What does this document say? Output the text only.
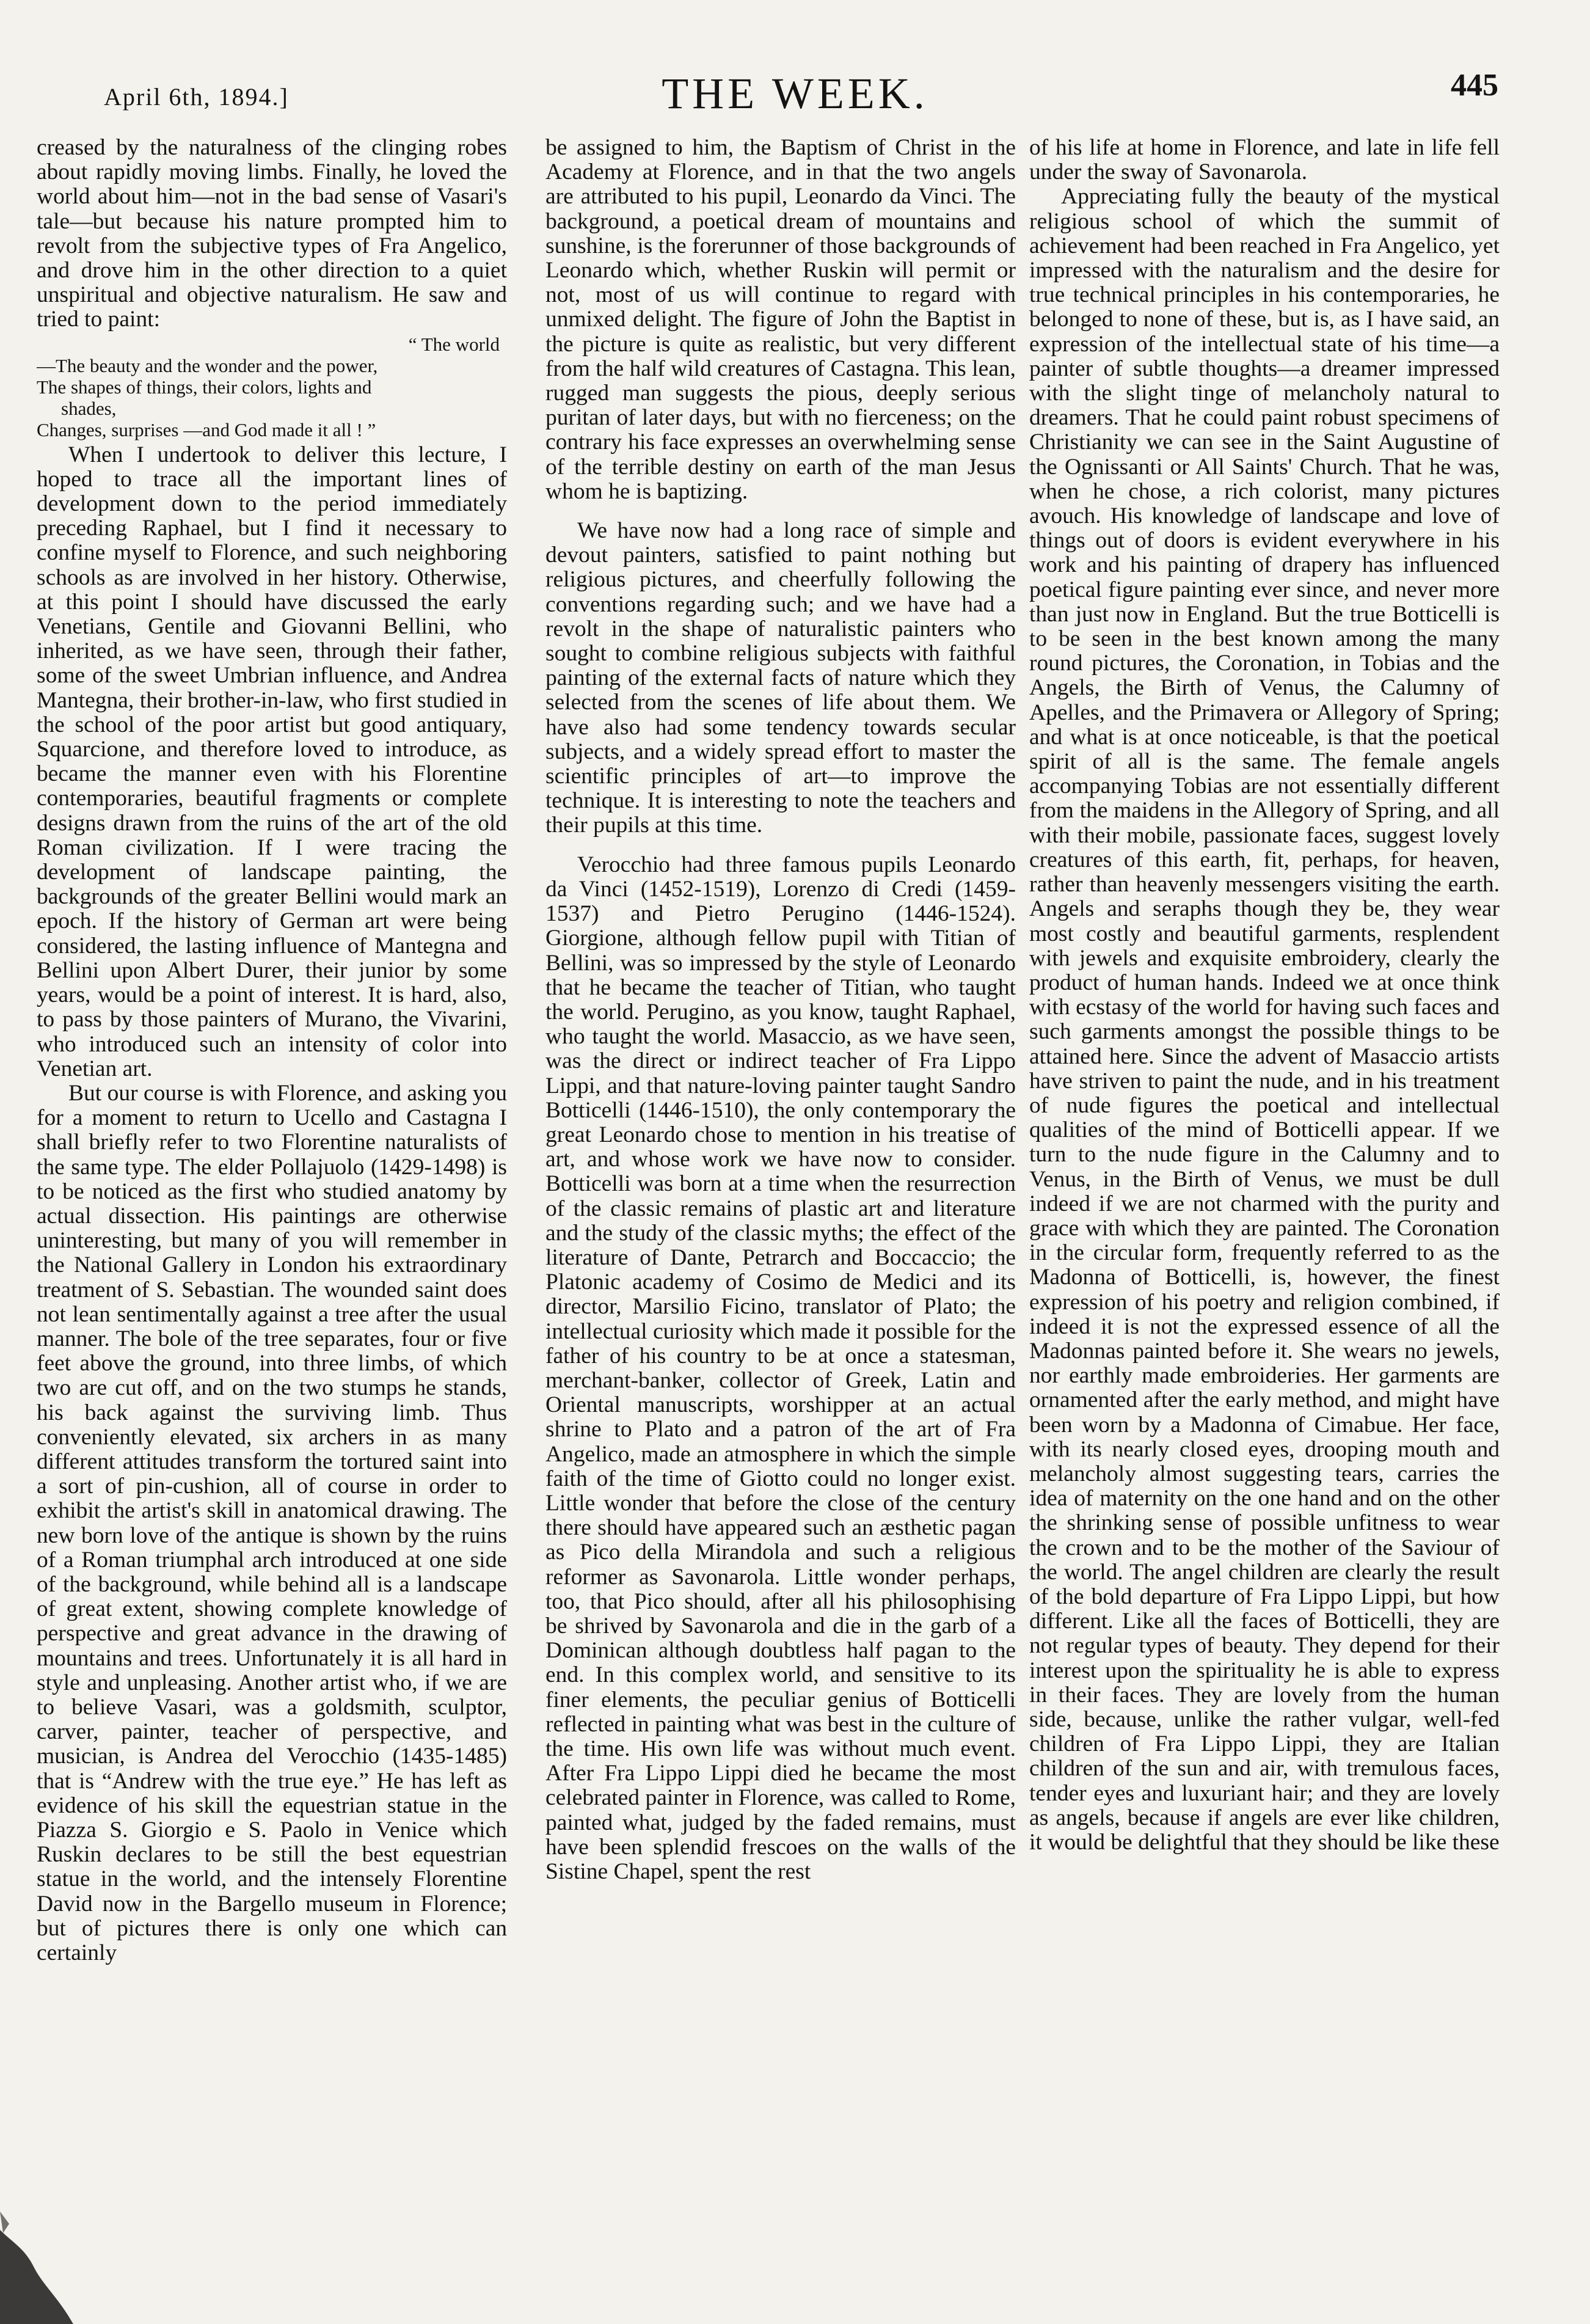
April 6th, 1894.]	THE WEEK.	445

creased by the naturalness of the clinging robes about rapidly moving limbs. Finally, he loved the world about him—not in the bad sense of Vasari's tale—but because his nature prompted him to revolt from the subjective types of Fra Angelico, and drove him in the other direction to a quiet unspiritual and objective naturalism. He saw and tried to paint:

“ The world
—The beauty and the wonder and the power,
The shapes of things, their colors, lights and
shades,
Changes, surprises —and God made it all ! ”

When I undertook to deliver this lecture, I hoped to trace all the important lines of development down to the period immediately preceding Raphael, but I find it necessary to confine myself to Florence, and such neighboring schools as are involved in her history. Otherwise, at this point I should have discussed the early Venetians, Gentile and Giovanni Bellini, who inherited, as we have seen, through their father, some of the sweet Umbrian influence, and Andrea Mantegna, their brother-in-law, who first studied in the school of the poor artist but good antiquary, Squarcione, and therefore loved to introduce, as became the manner even with his Florentine contemporaries, beautiful fragments or complete designs drawn from the ruins of the art of the old Roman civilization. If I were tracing the development of landscape painting, the backgrounds of the greater Bellini would mark an epoch. If the history of German art were being considered, the lasting influence of Mantegna and Bellini upon Albert Durer, their junior by some years, would be a point of interest. It is hard, also, to pass by those painters of Murano, the Vivarini, who introduced such an intensity of color into Venetian art.

But our course is with Florence, and asking you for a moment to return to Ucello and Castagna I shall briefly refer to two Florentine naturalists of the same type. The elder Pollajuolo (1429-1498) is to be noticed as the first who studied anatomy by actual dissection. His paintings are otherwise uninteresting, but many of you will remember in the National Gallery in London his extraordinary treatment of S. Sebastian. The wounded saint does not lean sentimentally against a tree after the usual manner. The bole of the tree separates, four or five feet above the ground, into three limbs, of which two are cut off, and on the two stumps he stands, his back against the surviving limb. Thus conveniently elevated, six archers in as many different attitudes transform the tortured saint into a sort of pin-cushion, all of course in order to exhibit the artist's skill in anatomical drawing. The new born love of the antique is shown by the ruins of a Roman triumphal arch introduced at one side of the background, while behind all is a landscape of great extent, showing complete knowledge of perspective and great advance in the drawing of mountains and trees. Unfortunately it is all hard in style and unpleasing. Another artist who, if we are to believe Vasari, was a goldsmith, sculptor, carver, painter, teacher of perspective, and musician, is Andrea del Verocchio (1435-1485) that is “Andrew with the true eye.” He has left as evidence of his skill the equestrian statue in the Piazza S. Giorgio e S. Paolo in Venice which Ruskin declares to be still the best equestrian statue in the world, and the intensely Florentine David now in the Bargello museum in Florence; but of pictures there is only one which can certainly

be assigned to him, the Baptism of Christ in the Academy at Florence, and in that the two angels are attributed to his pupil, Leonardo da Vinci. The background, a poetical dream of mountains and sunshine, is the forerunner of those backgrounds of Leonardo which, whether Ruskin will permit or not, most of us will continue to regard with unmixed delight. The figure of John the Baptist in the picture is quite as realistic, but very different from the half wild creatures of Castagna. This lean, rugged man suggests the pious, deeply serious puritan of later days, but with no fierceness; on the contrary his face expresses an overwhelming sense of the terrible destiny on earth of the man Jesus whom he is baptizing.

We have now had a long race of simple and devout painters, satisfied to paint nothing but religious pictures, and cheerfully following the conventions regarding such; and we have had a revolt in the shape of naturalistic painters who sought to combine religious subjects with faithful painting of the external facts of nature which they selected from the scenes of life about them. We have also had some tendency towards secular subjects, and a widely spread effort to master the scientific principles of art—to improve the technique. It is interesting to note the teachers and their pupils at this time.

Verocchio had three famous pupils Leonardo da Vinci (1452-1519), Lorenzo di Credi (1459-1537) and Pietro Perugino (1446-1524). Giorgione, although fellow pupil with Titian of Bellini, was so impressed by the style of Leonardo that he became the teacher of Titian, who taught the world. Perugino, as you know, taught Raphael, who taught the world. Masaccio, as we have seen, was the direct or indirect teacher of Fra Lippo Lippi, and that nature-loving painter taught Sandro Botticelli (1446-1510), the only contemporary the great Leonardo chose to mention in his treatise of art, and whose work we have now to consider. Botticelli was born at a time when the resurrection of the classic remains of plastic art and literature and the study of the classic myths; the effect of the literature of Dante, Petrarch and Boccaccio; the Platonic academy of Cosimo de Medici and its director, Marsilio Ficino, translator of Plato; the intellectual curiosity which made it possible for the father of his country to be at once a statesman, merchant-banker, collector of Greek, Latin and Oriental manuscripts, worshipper at an actual shrine to Plato and a patron of the art of Fra Angelico, made an atmosphere in which the simple faith of the time of Giotto could no longer exist. Little wonder that before the close of the century there should have appeared such an æsthetic pagan as Pico della Mirandola and such a religious reformer as Savonarola. Little wonder perhaps, too, that Pico should, after all his philosophising be shrived by Savonarola and die in the garb of a Dominican although doubtless half pagan to the end. In this complex world, and sensitive to its finer elements, the peculiar genius of Botticelli reflected in painting what was best in the culture of the time. His own life was without much event. After Fra Lippo Lippi died he became the most celebrated painter in Florence, was called to Rome, painted what, judged by the faded remains, must have been splendid frescoes on the walls of the Sistine Chapel, spent the rest

of his life at home in Florence, and late in life fell under the sway of Savonarola.

Appreciating fully the beauty of the mystical religious school of which the summit of achievement had been reached in Fra Angelico, yet impressed with the naturalism and the desire for true technical principles in his contemporaries, he belonged to none of these, but is, as I have said, an expression of the intellectual state of his time—a painter of subtle thoughts—a dreamer impressed with the slight tinge of melancholy natural to dreamers. That he could paint robust specimens of Christianity we can see in the Saint Augustine of the Ognissanti or All Saints' Church. That he was, when he chose, a rich colorist, many pictures avouch. His knowledge of landscape and love of things out of doors is evident everywhere in his work and his painting of drapery has influenced poetical figure painting ever since, and never more than just now in England. But the true Botticelli is to be seen in the best known among the many round pictures, the Coronation, in Tobias and the Angels, the Birth of Venus, the Calumny of Apelles, and the Primavera or Allegory of Spring; and what is at once noticeable, is that the poetical spirit of all is the same. The female angels accompanying Tobias are not essentially different from the maidens in the Allegory of Spring, and all with their mobile, passionate faces, suggest lovely creatures of this earth, fit, perhaps, for heaven, rather than heavenly messengers visiting the earth. Angels and seraphs though they be, they wear most costly and beautiful garments, resplendent with jewels and exquisite embroidery, clearly the product of human hands. Indeed we at once think with ecstasy of the world for having such faces and such garments amongst the possible things to be attained here. Since the advent of Masaccio artists have striven to paint the nude, and in his treatment of nude figures the poetical and intellectual qualities of the mind of Botticelli appear. If we turn to the nude figure in the Calumny and to Venus, in the Birth of Venus, we must be dull indeed if we are not charmed with the purity and grace with which they are painted. The Coronation in the circular form, frequently referred to as the Madonna of Botticelli, is, however, the finest expression of his poetry and religion combined, if indeed it is not the expressed essence of all the Madonnas painted before it. She wears no jewels, nor earthly made embroideries. Her garments are ornamented after the early method, and might have been worn by a Madonna of Cimabue. Her face, with its nearly closed eyes, drooping mouth and melancholy almost suggesting tears, carries the idea of maternity on the one hand and on the other the shrinking sense of possible unfitness to wear the crown and to be the mother of the Saviour of the world. The angel children are clearly the result of the bold departure of Fra Lippo Lippi, but how different. Like all the faces of Botticelli, they are not regular types of beauty. They depend for their interest upon the spirituality he is able to express in their faces. They are lovely from the human side, because, unlike the rather vulgar, well-fed children of Fra Lippo Lippi, they are Italian children of the sun and air, with tremulous faces, tender eyes and luxuriant hair; and they are lovely as angels, because if angels are ever like children, it would be delightful that they should be like these
